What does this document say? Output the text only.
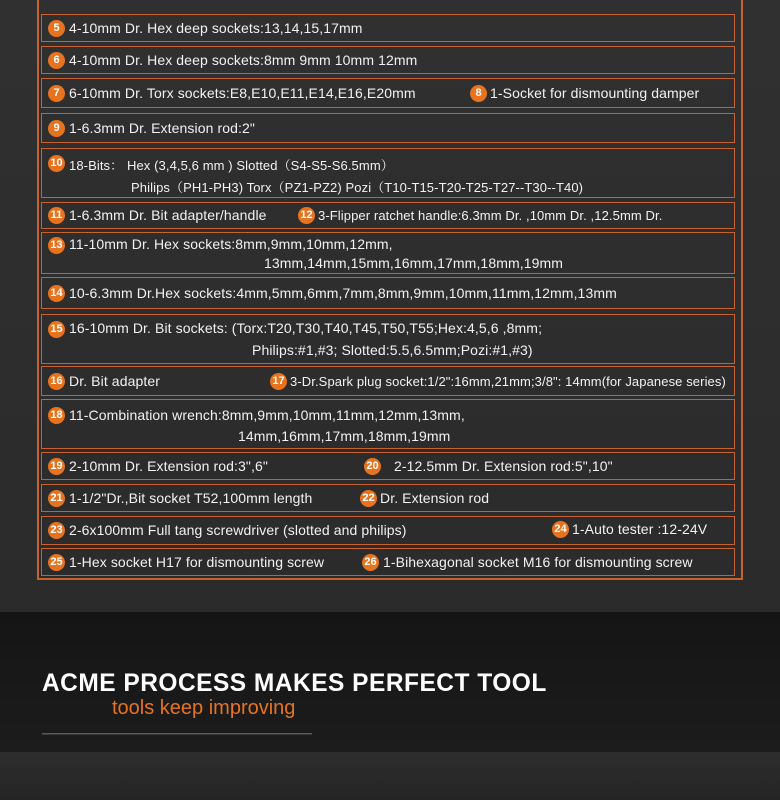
5 4-10mm Dr. Hex deep sockets:13,14,15,17mm
6 4-10mm Dr. Hex deep sockets:8mm 9mm 10mm 12mm
7 6-10mm Dr. Torx sockets:E8,E10,E11,E14,E16,E20mm	8 1-Socket for dismounting damper
9 1-6.3mm Dr. Extension rod:2"
10 18-Bits： Hex (3,4,5,6 mm ) Slotted（S4-S5-S6.5mm）
Philips（PH1-PH3) Torx（PZ1-PZ2) Pozi（T10-T15-T20-T25-T27--T30--T40)
11 1-6.3mm Dr. Bit adapter/handle	12 3-Flipper ratchet handle:6.3mm Dr. ,10mm Dr. ,12.5mm Dr.
13 11-10mm Dr. Hex sockets:8mm,9mm,10mm,12mm,
13mm,14mm,15mm,16mm,17mm,18mm,19mm
14 10-6.3mm Dr.Hex sockets:4mm,5mm,6mm,7mm,8mm,9mm,10mm,11mm,12mm,13mm
15 16-10mm Dr. Bit sockets: (Torx:T20,T30,T40,T45,T50,T55;Hex:4,5,6 ,8mm;
Philips:#1,#3; Slotted:5.5,6.5mm;Pozi:#1,#3)
16 Dr. Bit adapter	17 3-Dr.Spark plug socket:1/2":16mm,21mm;3/8": 14mm(for Japanese series)
18 11-Combination wrench:8mm,9mm,10mm,11mm,12mm,13mm,
14mm,16mm,17mm,18mm,19mm
19 2-10mm Dr. Extension rod:3",6"	20 2-12.5mm Dr. Extension rod:5",10"
21 1-1/2"Dr.,Bit socket T52,100mm length	22 Dr. Extension rod
23 2-6x100mm Full tang screwdriver (slotted and philips)	24 1-Auto tester :12-24V
25 1-Hex socket H17 for dismounting screw	26 1-Bihexagonal socket M16 for dismounting screw
ACME PROCESS MAKES PERFECT TOOL
tools keep improving
